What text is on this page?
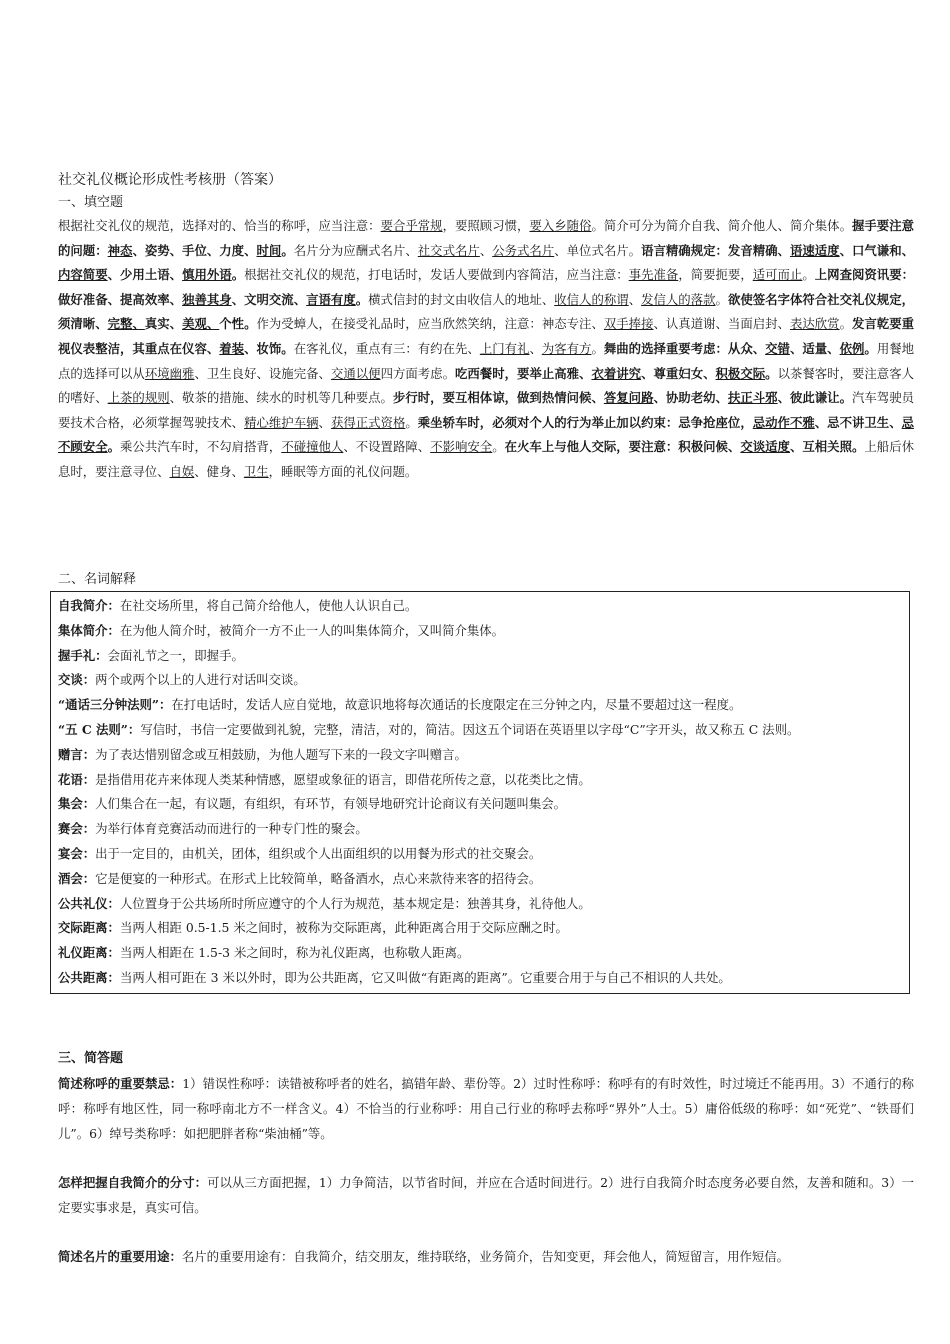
社交礼仪概论形成性考核册（答案）
一、填空题
根据社交礼仪的规范，选择对的、恰当的称呼，应当注意：要合乎常规，要照顾习惯，要入乡随俗。简介可分为简介自我、简介他人、简介集体。握手要注意的问题：神态、姿势、手位、力度、时间。名片分为应酬式名片、社交式名片、公务式名片、单位式名片。语言精确规定：发音精确、语速适度、口气谦和、内容简要、少用土语、慎用外语。根据社交礼仪的规范，打电话时，发话人要做到内容简洁，应当注意：事先准备，简要扼要，适可而止。上网查阅资讯要：做好准备、提高效率、独善其身、文明交流、言语有度。横式信封的封文由收信人的地址、收信人的称谓、发信人的落款。欲使签名字体符合社交礼仪规定，须清晰、完整、真实、美观、个性。作为受蟑人，在接受礼品时，应当欣然笑纳，注意：神态专注、双手捧接、认真道谢、当面启封、表达欣赏。发言乾要重视仪表整洁，其重点在仪容、着装、妆饰。在客礼仪，重点有三：有约在先、上门有礼、为客有方。舞曲的选择重要考虑：从众、交错、适量、依例。用餐地点的选择可以从环境幽雅、卫生良好、设施完备、交通以便四方面考虑。吃西餐时，要举止高雅、衣着讲究、尊重妇女、积极交际。以茶餐客时，要注意客人的嗜好、上茶的规则、敬茶的措施、续水的时机等几种要点。步行时，要互相体谅，做到热情问候、答复问路、协助老幼、扶正斗邪、彼此谦让。汽车驾驶员要技术合格，必须掌握驾驶技术、精心维护车辆、获得正式资格。乘坐轿车时，必须对个人的行为举止加以约束：忌争抢座位，忌动作不雅、忌不讲卫生、忌不顾安全。乘公共汽车时，不勾肩搭背，不碰撞他人、不设置路障、不影响安全。在火车上与他人交际，要注意：积极问候、交谈适度、互相关照。上船后休息时，要注意寻位、自娱、健身、卫生，睡眠等方面的礼仪问题。
二、名词解释
自我简介：在社交场所里，将自己简介给他人，使他人认识自己。
集体简介：在为他人简介时，被简介一方不止一人的叫集体简介，又叫简介集体。
握手礼：会面礼节之一，即握手。
交谈：两个或两个以上的人进行对话叫交谈。
“通话三分钟法则”：在打电话时，发话人应自觉地，故意识地将每次通话的长度限定在三分钟之内，尽量不要超过这一程度。
“五 C 法则”：写信时，书信一定要做到礼貌，完整，清洁，对的，简洁。因这五个词语在英语里以字母“C”字开头，故又称五 C 法则。
赠言：为了表达惜别留念或互相鼓励，为他人题写下来的一段文字叫赠言。
花语：是指借用花卉来体现人类某种情感，愿望或象征的语言，即借花所传之意，以花类比之情。
集会：人们集合在一起，有议题，有组织，有环节，有领导地研究计论商议有关问题叫集会。
赛会：为举行体育竞赛活动而进行的一种专门性的聚会。
宴会：出于一定目的，由机关，团体，组织或个人出面组织的以用餐为形式的社交聚会。
酒会：它是便宴的一种形式。在形式上比较简单，略备酒水，点心来款待来客的招待会。
公共礼仪：人位置身于公共场所时所应遵守的个人行为规范，基本规定是：独善其身，礼待他人。
交际距离：当两人相距 0.5-1.5 米之间时，被称为交际距离，此种距离合用于交际应酬之时。
礼仪距离：当两人相距在 1.5-3 米之间时，称为礼仪距离，也称敬人距离。
公共距离：当两人相可距在 3 米以外时，即为公共距离，它又叫做“有距离的距离”。它重要合用于与自己不相识的人共处。
三、简答题
简述称呼的重要禁忌：1）错误性称呼：读错被称呼者的姓名，搞错年龄、辈份等。2）过时性称呼：称呼有的有时效性，时过境迁不能再用。3）不通行的称呼：称呼有地区性，同一称呼南北方不一样含义。4）不恰当的行业称呼：用自己行业的称呼去称呼“界外”人士。5）庸俗低级的称呼：如“死党”、“铁哥们儿”。6）绰号类称呼：如把肥胖者称“柴油桶”等。
怎样把握自我简介的分寸：可以从三方面把握，1）力争简洁，以节省时间，并应在合适时间进行。2）进行自我简介时态度务必要自然，友善和随和。3）一定要实事求是，真实可信。
简述名片的重要用途：名片的重要用途有：自我简介，结交朋友，维持联络，业务简介，告知变更，拜会他人，简短留言，用作短信。
